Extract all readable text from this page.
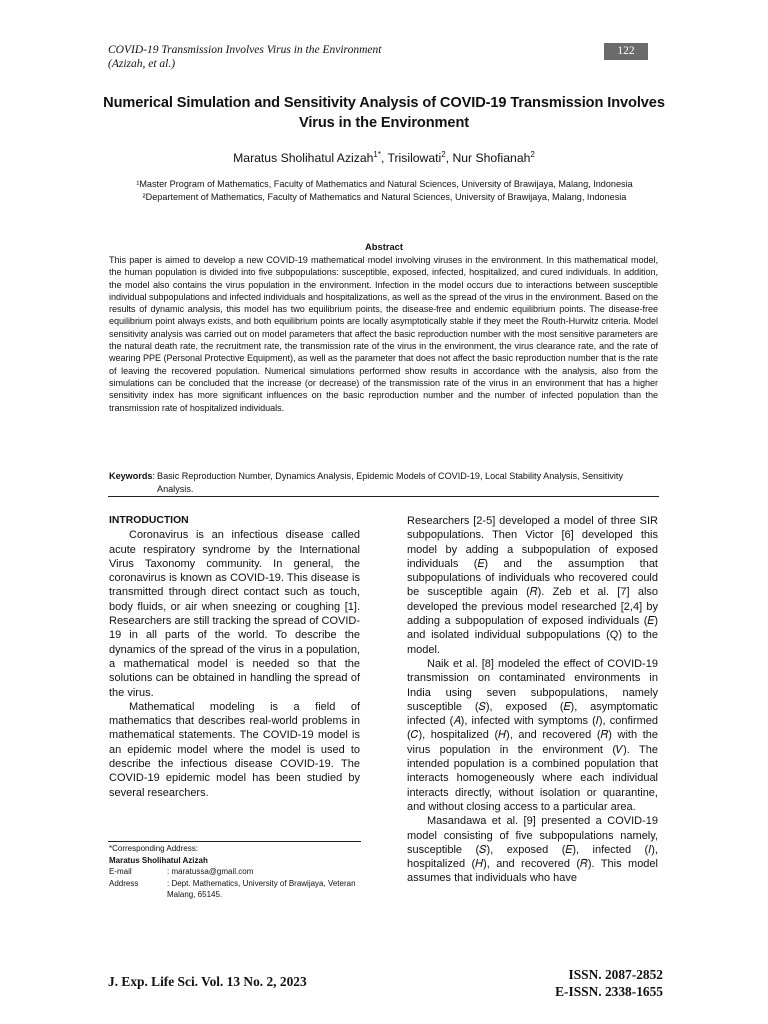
COVID-19 Transmission Involves Virus in the Environment
(Azizah, et al.)
122
Numerical Simulation and Sensitivity Analysis of COVID-19 Transmission Involves Virus in the Environment
Maratus Sholihatul Azizah$^{1*}$, Trisilowati$^2$, Nur Shofianah$^2$
¹Master Program of Mathematics, Faculty of Mathematics and Natural Sciences, University of Brawijaya, Malang, Indonesia
²Departement of Mathematics, Faculty of Mathematics and Natural Sciences, University of Brawijaya, Malang, Indonesia
Abstract
This paper is aimed to develop a new COVID-19 mathematical model involving viruses in the environment. In this mathematical model, the human population is divided into five subpopulations: susceptible, exposed, infected, hospitalized, and cured individuals. In addition, the model also contains the virus population in the environment. Infection in the model occurs due to interactions between susceptible individual subpopulations and infected individuals and hospitalizations, as well as the spread of the virus in the environment. Based on the results of dynamic analysis, this model has two equilibrium points, the disease-free and endemic equilibrium points. The disease-free equilibrium point always exists, and both equilibrium points are locally asymptotically stable if they meet the Routh-Hurwitz criteria. Model sensitivity analysis was carried out on model parameters that affect the basic reproduction number with the most sensitive parameters are the natural death rate, the recruitment rate, the transmission rate of the virus in the environment, the virus clearance rate, and the rate of wearing PPE (Personal Protective Equipment), as well as the parameter that does not affect the basic reproduction number that is the rate of leaving the recovered population. Numerical simulations performed show results in accordance with the analysis, also from the simulations can be concluded that the increase (or decrease) of the transmission rate of the virus in an environment that has a higher sensitivity index has more significant influences on the basic reproduction number and the number of infected population than the transmission rate of hospitalized individuals.
Keywords : Basic Reproduction Number, Dynamics Analysis, Epidemic Models of COVID-19, Local Stability Analysis, Sensitivity Analysis.
INTRODUCTION

Coronavirus is an infectious disease called acute respiratory syndrome by the International Virus Taxonomy community. In general, the coronavirus is known as COVID-19. This disease is transmitted through direct contact such as touch, body fluids, or air when sneezing or coughing [1]. Researchers are still tracking the spread of COVID-19 in all parts of the world. To describe the dynamics of the spread of the virus in a population, a mathematical model is needed so that the solutions can be obtained in handling the spread of the virus.

Mathematical modeling is a field of mathematics that describes real-world problems in mathematical statements. The COVID-19 model is an epidemic model where the model is used to describe the infectious disease COVID-19. The COVID-19 epidemic model has been studied by several researchers.

Researchers [2-5] developed a model of three SIR subpopulations. Then Victor [6] developed this model by adding a subpopulation of exposed individuals (𝐸) and the assumption that subpopulations of individuals who recovered could be susceptible again (𝑅). Zeb et al. [7] also developed the previous model researched [2,4] by adding a subpopulation of exposed individuals (𝐸) and isolated individual subpopulations (Q) to the model.

Naik et al. [8] modeled the effect of COVID-19 transmission on contaminated environments in India using seven subpopulations, namely susceptible (𝑆), exposed (𝐸), asymptomatic infected (𝐴), infected with symptoms (𝐼), confirmed (𝐶), hospitalized (𝐻), and recovered (𝑅) with the virus population in the environment (𝑉). The intended population is a combined population that interacts homogeneously where each individual interacts directly, without isolation or quarantine, and without closing access to a particular area.

Masandawa et al. [9] presented a COVID-19 model consisting of five subpopulations namely, susceptible (𝑆), exposed (𝐸), infected (𝐼), hospitalized (𝐻), and recovered (𝑅). This model assumes that individuals who have

*Corresponding Address:
Maratus Sholihatul Azizah
E-mail	: maratussa@gmail.com
Address	: Dept. Mathematics, University of Brawijaya, Veteran Malang, 65145.
J. Exp. Life Sci. Vol. 13 No. 2, 2023	ISSN. 2087-2852
E-ISSN. 2338-1655
